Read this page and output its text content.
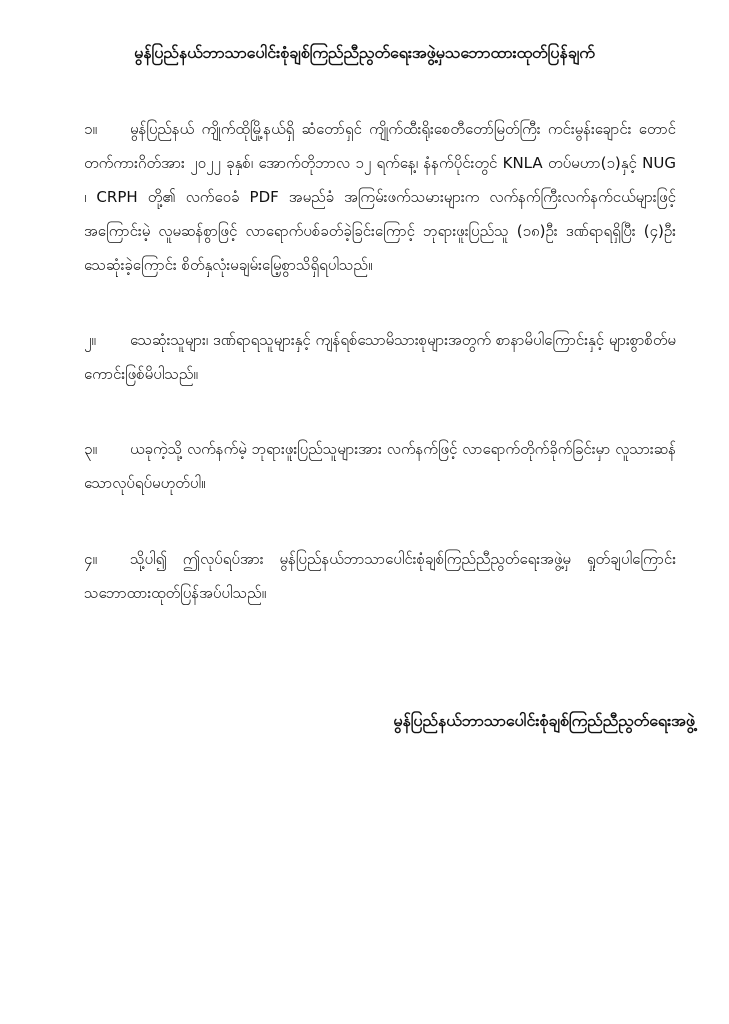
မွန်ပြည်နယ်ဘာသာပေါင်းစုံချစ်ကြည်ညီညွတ်ရေးအဖွဲ့မှသဘောထားထုတ်ပြန်ချက်
၁။ မွန်ပြည်နယ် ကျိုက်ထိုမြို့နယ်ရှိ ဆံတော်ရှင် ကျိုက်ထီးရိုးစေတီတော်မြတ်ကြီး ကင်းမွန်းချောင်း တောင်တက်ကားဂိတ်အား ၂၀၂၂ ခုနှစ်၊ အောက်တိုဘာလ ၁၂ ရက်နေ့၊ နံနက်ပိုင်းတွင် KNLA တပ်မဟာ(၁)နှင့် NUG ၊ CRPH တို့၏ လက်ဝေခံ PDF အမည်ခံ အကြမ်းဖက်သမားများက လက်နက်ကြီးလက်နက်ငယ်များဖြင့် အကြောင်းမဲ့ လူမဆန်စွာဖြင့် လာရောက်ပစ်ခတ်ခဲ့ခြင်းကြောင့် ဘုရားဖူးပြည်သူ (၁၈)ဦး ဒဏ်ရာရရှိပြီး (၄)ဦး သေဆုံးခဲ့ကြောင်း စိတ်နှလုံးမချမ်းမြေ့စွာသိရှိရပါသည်။
၂။ သေဆုံးသူများ၊ ဒဏ်ရာရသူများနှင့် ကျန်ရစ်သောမိသားစုများအတွက် စာနာမိပါကြောင်းနှင့် များစွာစိတ်မကောင်းဖြစ်မိပါသည်။
၃။ ယခုကဲ့သို့ လက်နက်မဲ့ ဘုရားဖူးပြည်သူများအား လက်နက်ဖြင့် လာရောက်တိုက်ခိုက်ခြင်းမှာ လူသားဆန်သောလုပ်ရပ်မဟုတ်ပါ။
၄။ သို့ပါ၍ ဤလုပ်ရပ်အား မွန်ပြည်နယ်ဘာသာပေါင်းစုံချစ်ကြည်ညီညွတ်ရေးအဖွဲ့မှ ရှုတ်ချပါကြောင်း သဘောထားထုတ်ပြန်အပ်ပါသည်။
မွန်ပြည်နယ်ဘာသာပေါင်းစုံချစ်ကြည်ညီညွတ်ရေးအဖွဲ့
